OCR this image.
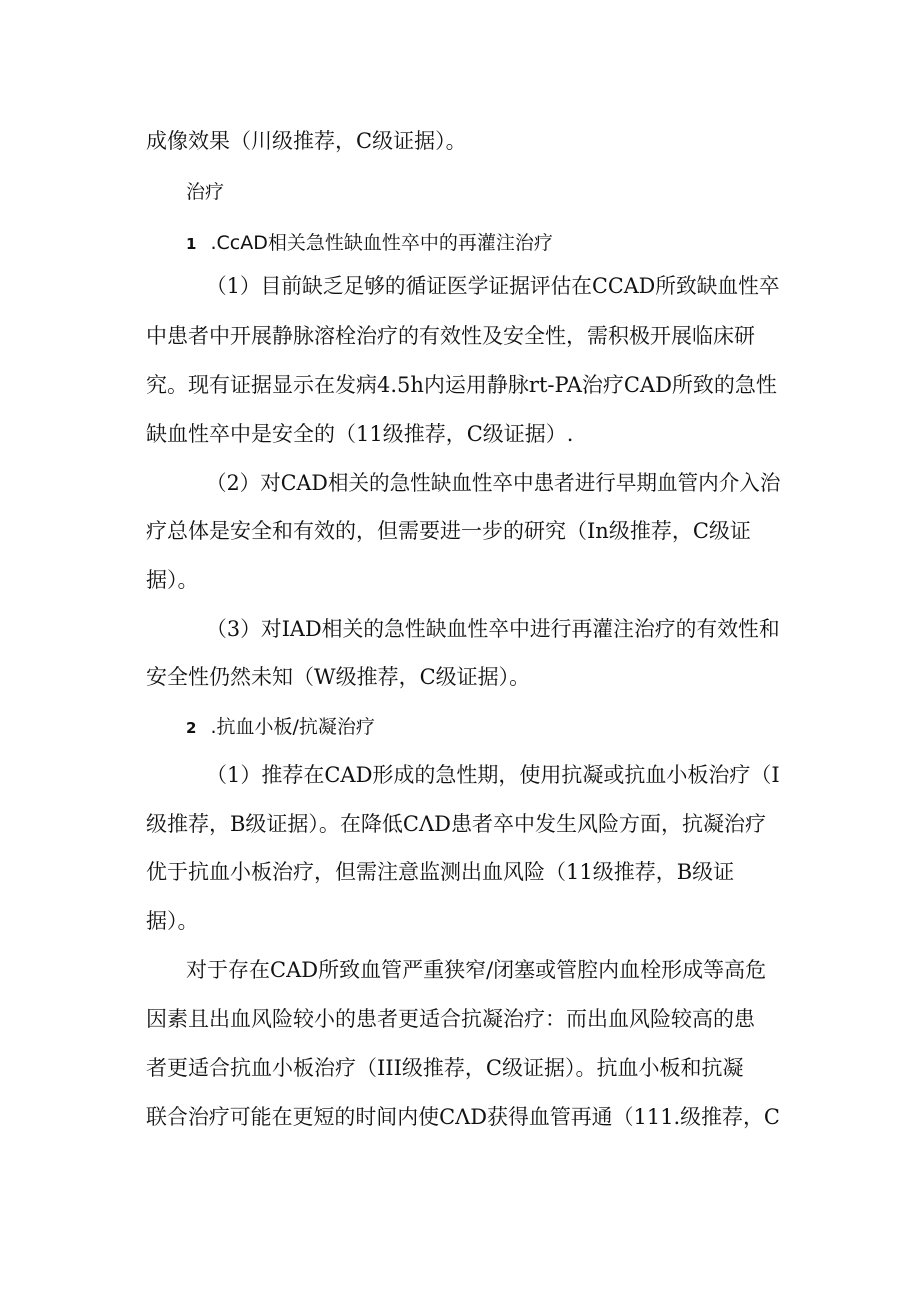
成像效果（川级推荐，C级证据）。
治疗
1 .CcAD相关急性缺血性卒中的再灌注治疗
（1）目前缺乏足够的循证医学证据评估在CCAD所致缺血性卒
中患者中开展静脉溶栓治疗的有效性及安全性，需积极开展临床研
究。现有证据显示在发病4.5h内运用静脉rt-PA治疗CAD所致的急性
缺血性卒中是安全的（11级推荐，C级证据）.
（2）对CAD相关的急性缺血性卒中患者进行早期血管内介入治
疗总体是安全和有效的，但需要进一步的研究（In级推荐，C级证
据）。
（3）对IAD相关的急性缺血性卒中进行再灌注治疗的有效性和
安全性仍然未知（W级推荐，C级证据）。
2 .抗血小板/抗凝治疗
（1）推荐在CAD形成的急性期，使用抗凝或抗血小板治疗（I
级推荐，B级证据）。在降低CΛD患者卒中发生风险方面，抗凝治疗
优于抗血小板治疗，但需注意监测出血风险（11级推荐，B级证
据）。
对于存在CAD所致血管严重狭窄/闭塞或管腔内血栓形成等高危
因素且出血风险较小的患者更适合抗凝治疗：而出血风险较高的患
者更适合抗血小板治疗（III级推荐，C级证据）。抗血小板和抗凝
联合治疗可能在更短的时间内使CΛD获得血管再通（111.级推荐，C
